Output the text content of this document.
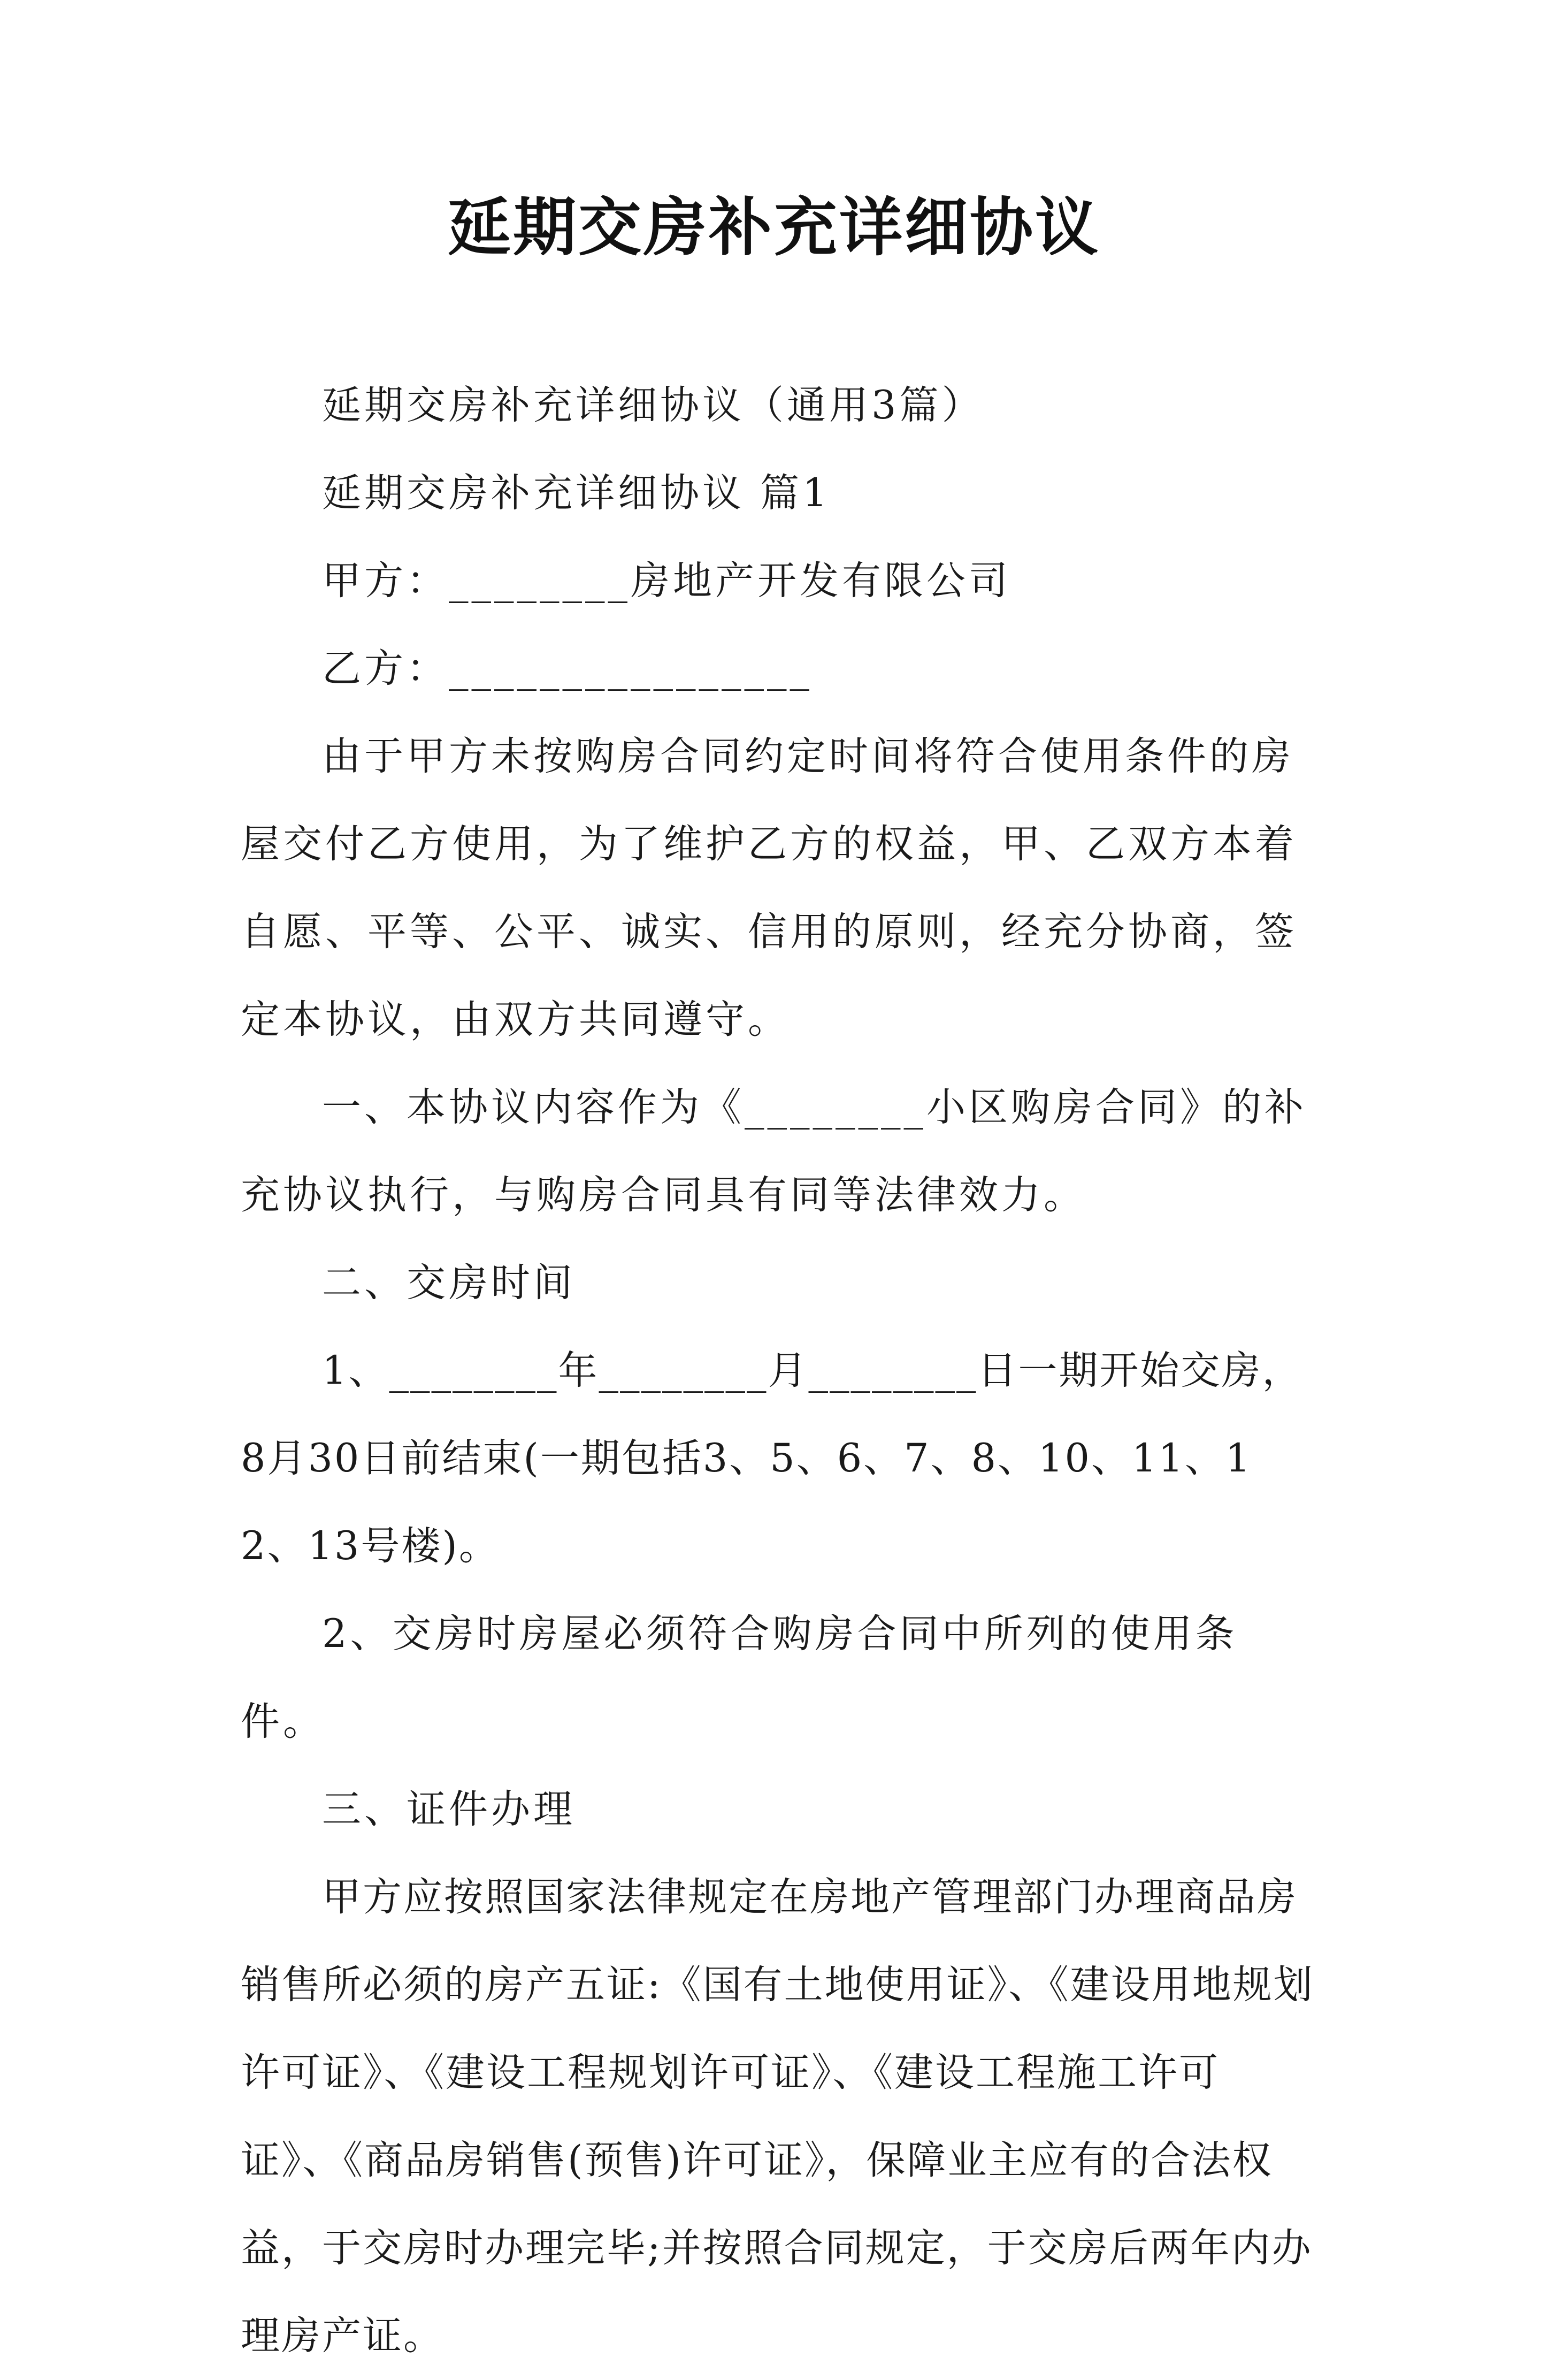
延期交房补充详细协议

延期交房补充详细协议（通用3篇）

延期交房补充详细协议 篇1

甲方：________房地产开发有限公司

乙方：________________

由于甲方未按购房合同约定时间将符合使用条件的房屋交付乙方使用，为了维护乙方的权益，甲、乙双方本着自愿、平等、公平、诚实、信用的原则，经充分协商，签定本协议，由双方共同遵守。

一、本协议内容作为《________小区购房合同》的补充协议执行，与购房合同具有同等法律效力。

二、交房时间

1、________年________月________日一期开始交房，8月30日前结束(一期包括3、5、6、7、8、10、11、12、13号楼)。

2、交房时房屋必须符合购房合同中所列的使用条件。

三、证件办理

甲方应按照国家法律规定在房地产管理部门办理商品房销售所必须的房产五证:《国有土地使用证》、《建设用地规划许可证》、《建设工程规划许可证》、《建设工程施工许可证》、《商品房销售(预售)许可证》，保障业主应有的合法权益，于交房时办理完毕;并按照合同规定，于交房后两年内办理房产证。
